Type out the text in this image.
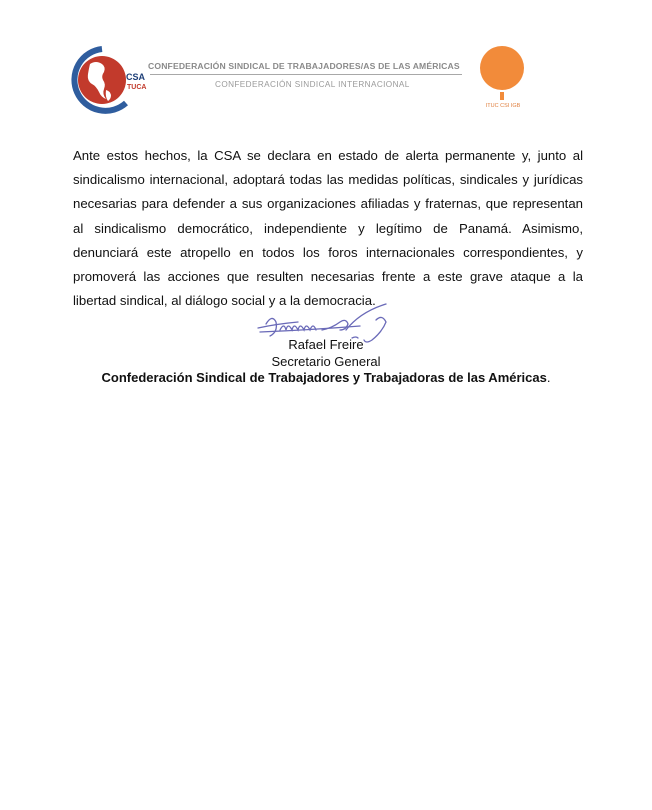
CSA
TUCA
CONFEDERACIÓN SINDICAL DE TRABAJADORES/AS DE LAS AMÉRICAS
CONFEDERACIÓN SINDICAL INTERNACIONAL
ITUC CSI IGB
Ante estos hechos, la CSA se declara en estado de alerta permanente y, junto al sindicalismo internacional, adoptará todas las medidas políticas, sindicales y jurídicas necesarias para defender a sus organizaciones afiliadas y fraternas, que representan al sindicalismo democrático, independiente y legítimo de Panamá. Asimismo, denunciará este atropello en todos los foros internacionales correspondientes, y promoverá las acciones que resulten necesarias frente a este grave ataque a la libertad sindical, al diálogo social y a la democracia.
Rafael Freire
Secretario General
Confederación Sindical de Trabajadores y Trabajadoras de las Américas.
